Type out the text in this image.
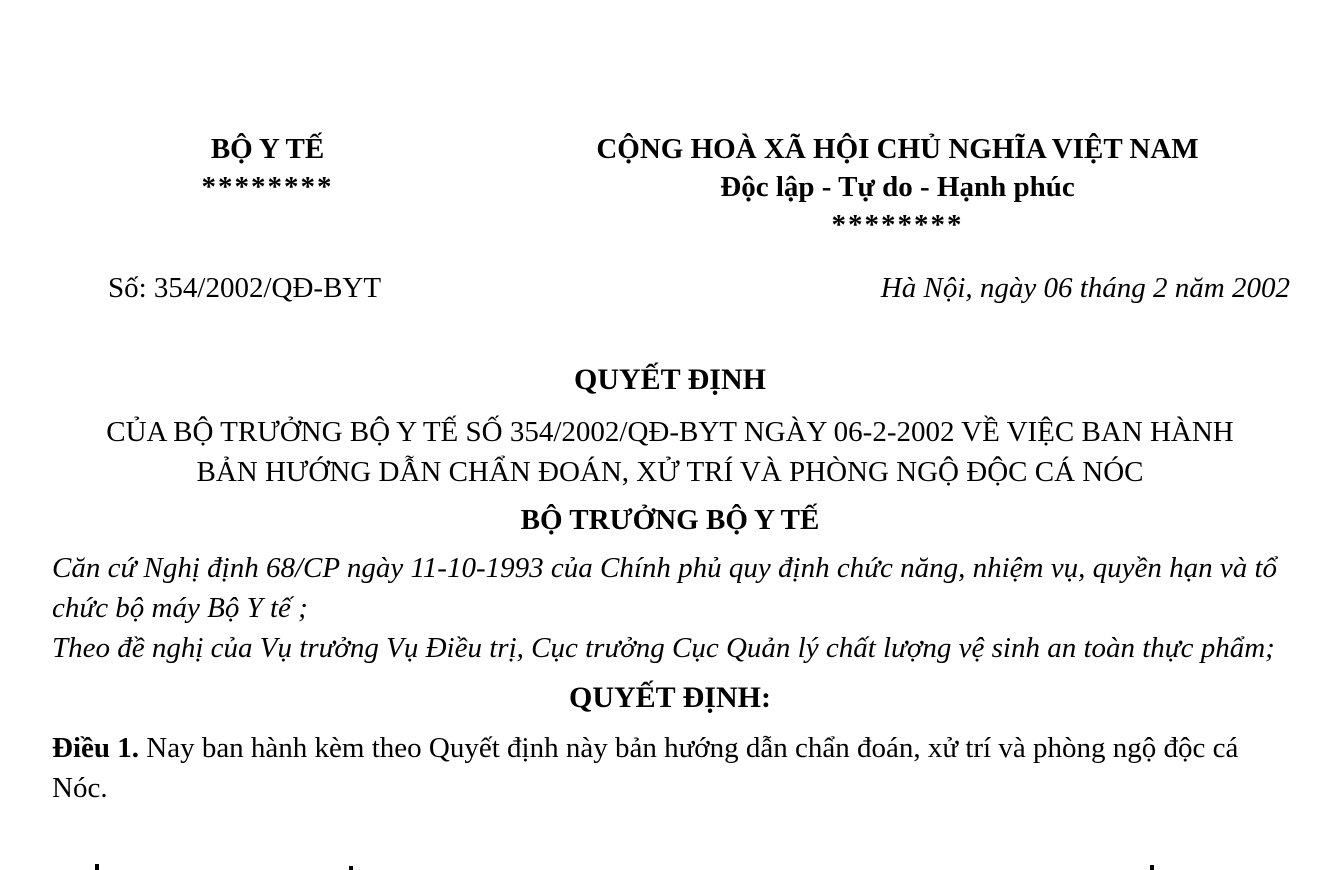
BỘ Y TẾ
********
CỘNG HOÀ XÃ HỘI CHỦ NGHĨA VIỆT NAM
Độc lập - Tự do - Hạnh phúc
********
Số: 354/2002/QĐ-BYT	Hà Nội, ngày 06 tháng 2 năm 2002
QUYẾT ĐỊNH
CỦA BỘ TRƯỞNG BỘ Y TẾ SỐ 354/2002/QĐ-BYT NGÀY 06-2-2002 VỀ VIỆC BAN HÀNH BẢN HƯỚNG DẪN CHẨN ĐOÁN, XỬ TRÍ VÀ PHÒNG NGỘ ĐỘC CÁ NÓC
BỘ TRƯỞNG BỘ Y TẾ

Căn cứ Nghị định 68/CP ngày 11-10-1993 của Chính phủ quy định chức năng, nhiệm vụ, quyền hạn và tổ chức bộ máy Bộ Y tế ;

Theo đề nghị của Vụ trưởng Vụ Điều trị, Cục trưởng Cục Quản lý chất lượng vệ sinh an toàn thực phẩm;

QUYẾT ĐỊNH:
Điều 1. Nay ban hành kèm theo Quyết định này bản hướng dẫn chẩn đoán, xử trí và phòng ngộ độc cá Nóc.
